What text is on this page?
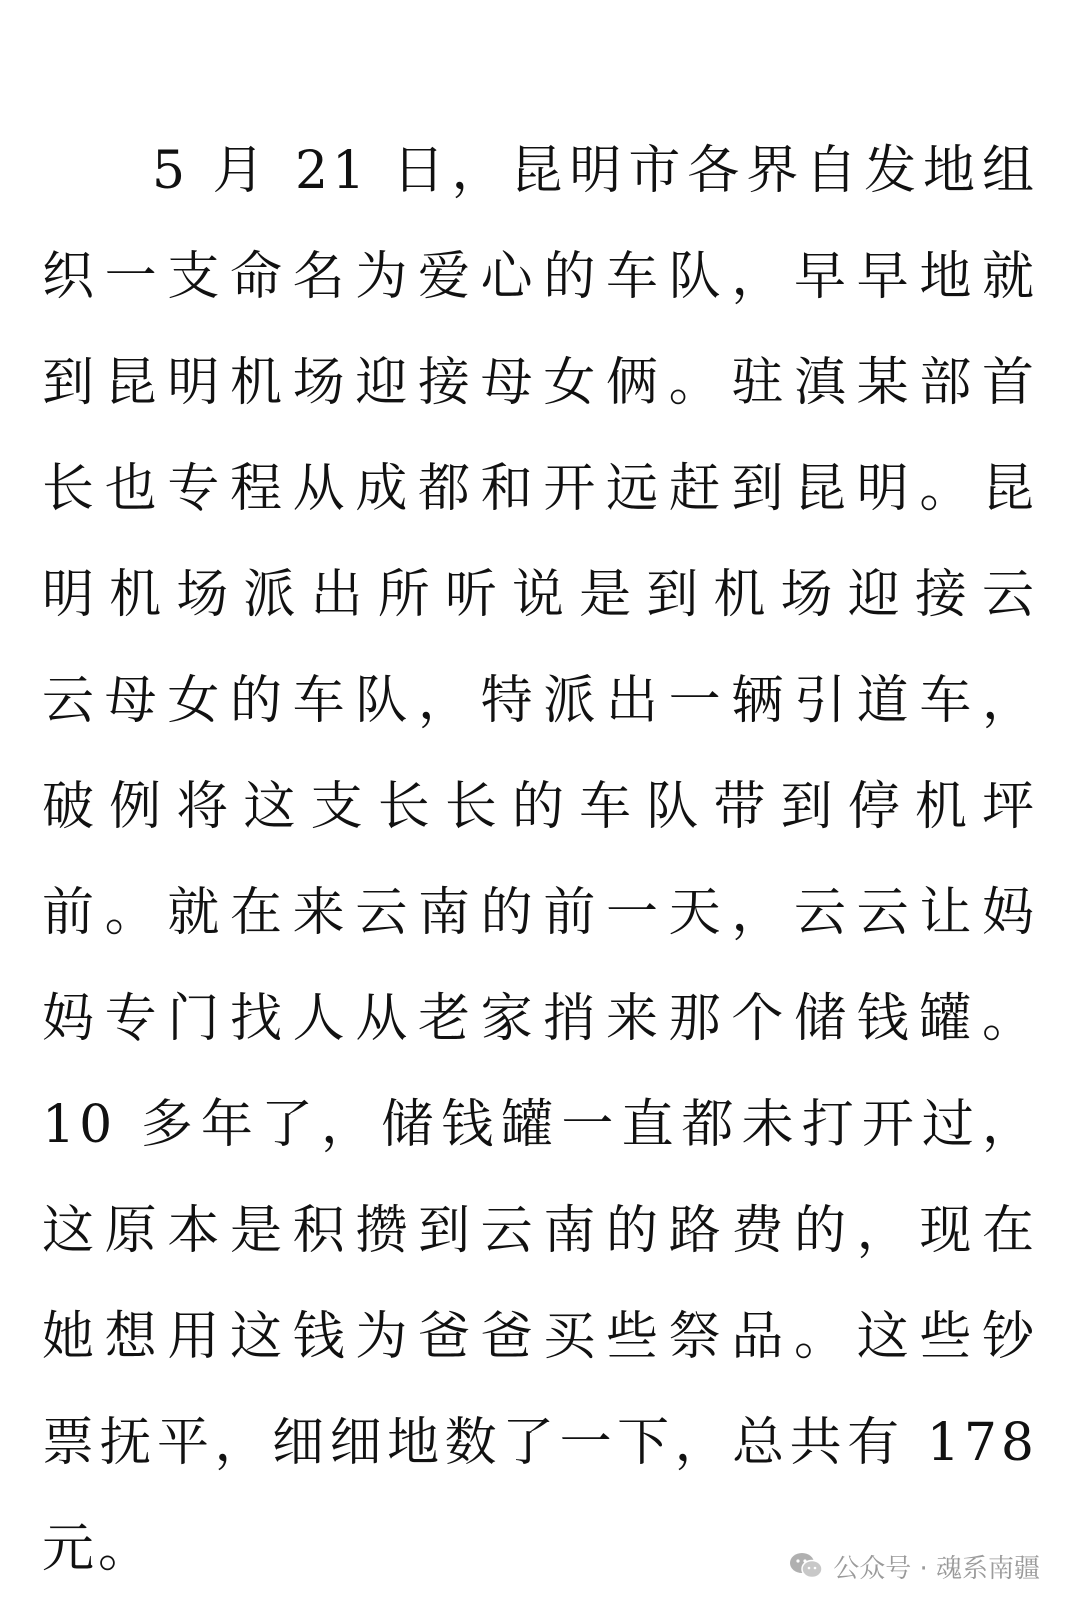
5 月 21 日，昆明市各界自发地组
织一支命名为爱心的车队，早早地就
到昆明机场迎接母女俩。驻滇某部首
长也专程从成都和开远赶到昆明。昆
明机场派出所听说是到机场迎接云
云母女的车队，特派出一辆引道车，
破例将这支长长的车队带到停机坪
前。就在来云南的前一天，云云让妈
妈专门找人从老家捎来那个储钱罐。
10 多年了，储钱罐一直都未打开过，
这原本是积攒到云南的路费的，现在
她想用这钱为爸爸买些祭品。这些钞
票抚平，细细地数了一下，总共有 178
元。	公众号 · 魂系南疆
